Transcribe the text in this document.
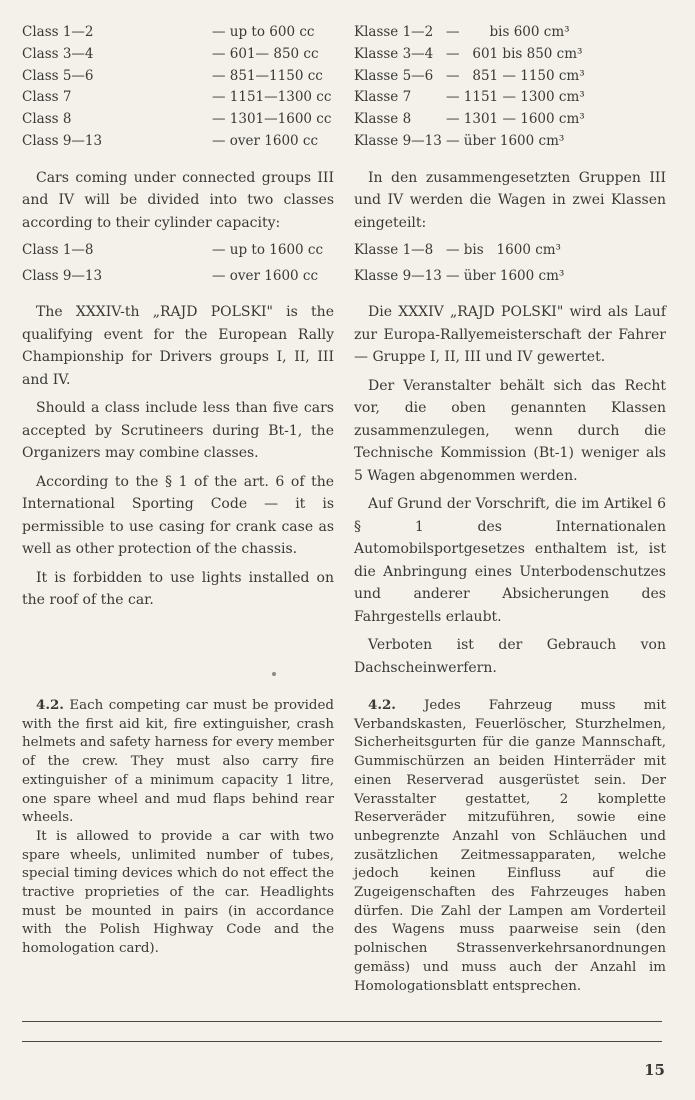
Class 1—2	— up to 600 cc
Class 3—4	— 601— 850 cc
Class 5—6	— 851—1150 cc
Class 7	— 1151—1300 cc
Class 8	— 1301—1600 cc
Class 9—13	— over 1600 cc

Cars coming under connected groups III and IV will be divided into two classes according to their cylinder capacity:

Class 1—8	— up to 1600 cc
Class 9—13	— over 1600 cc

The XXXIV-th „RAJD POLSKI" is the qualifying event for the European Rally Championship for Drivers groups I, II, III and IV.

Should a class include less than five cars accepted by Scrutineers during Bt-1, the Organizers may combine classes.

According to the § 1 of the art. 6 of the International Sporting Code — it is permissible to use casing for crank case as well as other protection of the chassis.

It is forbidden to use lights installed on the roof of the car.

4.2. Each competing car must be provided with the first aid kit, fire extinguisher, crash helmets and safety harness for every member of the crew. They must also carry fire extinguisher of a minimum capacity 1 litre, one spare wheel and mud flaps behind rear wheels.

It is allowed to provide a car with two spare wheels, unlimited number of tubes, special timing devices which do not effect the tractive proprieties of the car. Headlights must be mounted in pairs (in accordance with the Polish Highway Code and the homologation card).

Klasse 1—2 —       bis 600 cm³
Klasse 3—4 —   601 bis 850 cm³
Klasse 5—6 —   851 — 1150 cm³
Klasse 7	— 1151 — 1300 cm³
Klasse 8	— 1301 — 1600 cm³
Klasse 9—13 — über 1600 cm³

In den zusammengesetzten Gruppen III und IV werden die Wagen in zwei Klassen eingeteilt:

Klasse 1—8 — bis   1600 cm³
Klasse 9—13 — über 1600 cm³

Die XXXIV „RAJD POLSKI" wird als Lauf zur Europa-Rallyemeisterschaft der Fahrer — Gruppe I, II, III und IV gewertet.

Der Veranstalter behält sich das Recht vor, die oben genannten Klassen zusammenzulegen, wenn durch die Technische Kommission (Bt-1) weniger als 5 Wagen abgenommen werden.

Auf Grund der Vorschrift, die im Artikel 6 § 1 des Internationalen Automobilsportgesetzes enthaltem ist, ist die Anbringung eines Unterbodenschutzes und anderer Absicherungen des Fahrgestells erlaubt.

Verboten ist der Gebrauch von Dachscheinwerfern.

4.2. Jedes Fahrzeug muss mit Verbandskasten, Feuerlöscher, Sturzhelmen, Sicherheitsgurten für die ganze Mannschaft, Gummischürzen an beiden Hinterräder mit einen Reserverad ausgerüstet sein. Der Verasstalter gestattet, 2 komplette Reserveräder mitzuführen, sowie eine unbegrenzte Anzahl von Schläuchen und zusätzlichen Zeitmessapparaten, welche jedoch keinen Einfluss auf die Zugeigenschaften des Fahrzeuges haben dürfen. Die Zahl der Lampen am Vorderteil des Wagens muss paarweise sein (den polnischen Strassenverkehrsanordnungen gemäss) und muss auch der Anzahl im Homologationsblatt entsprechen.

15
